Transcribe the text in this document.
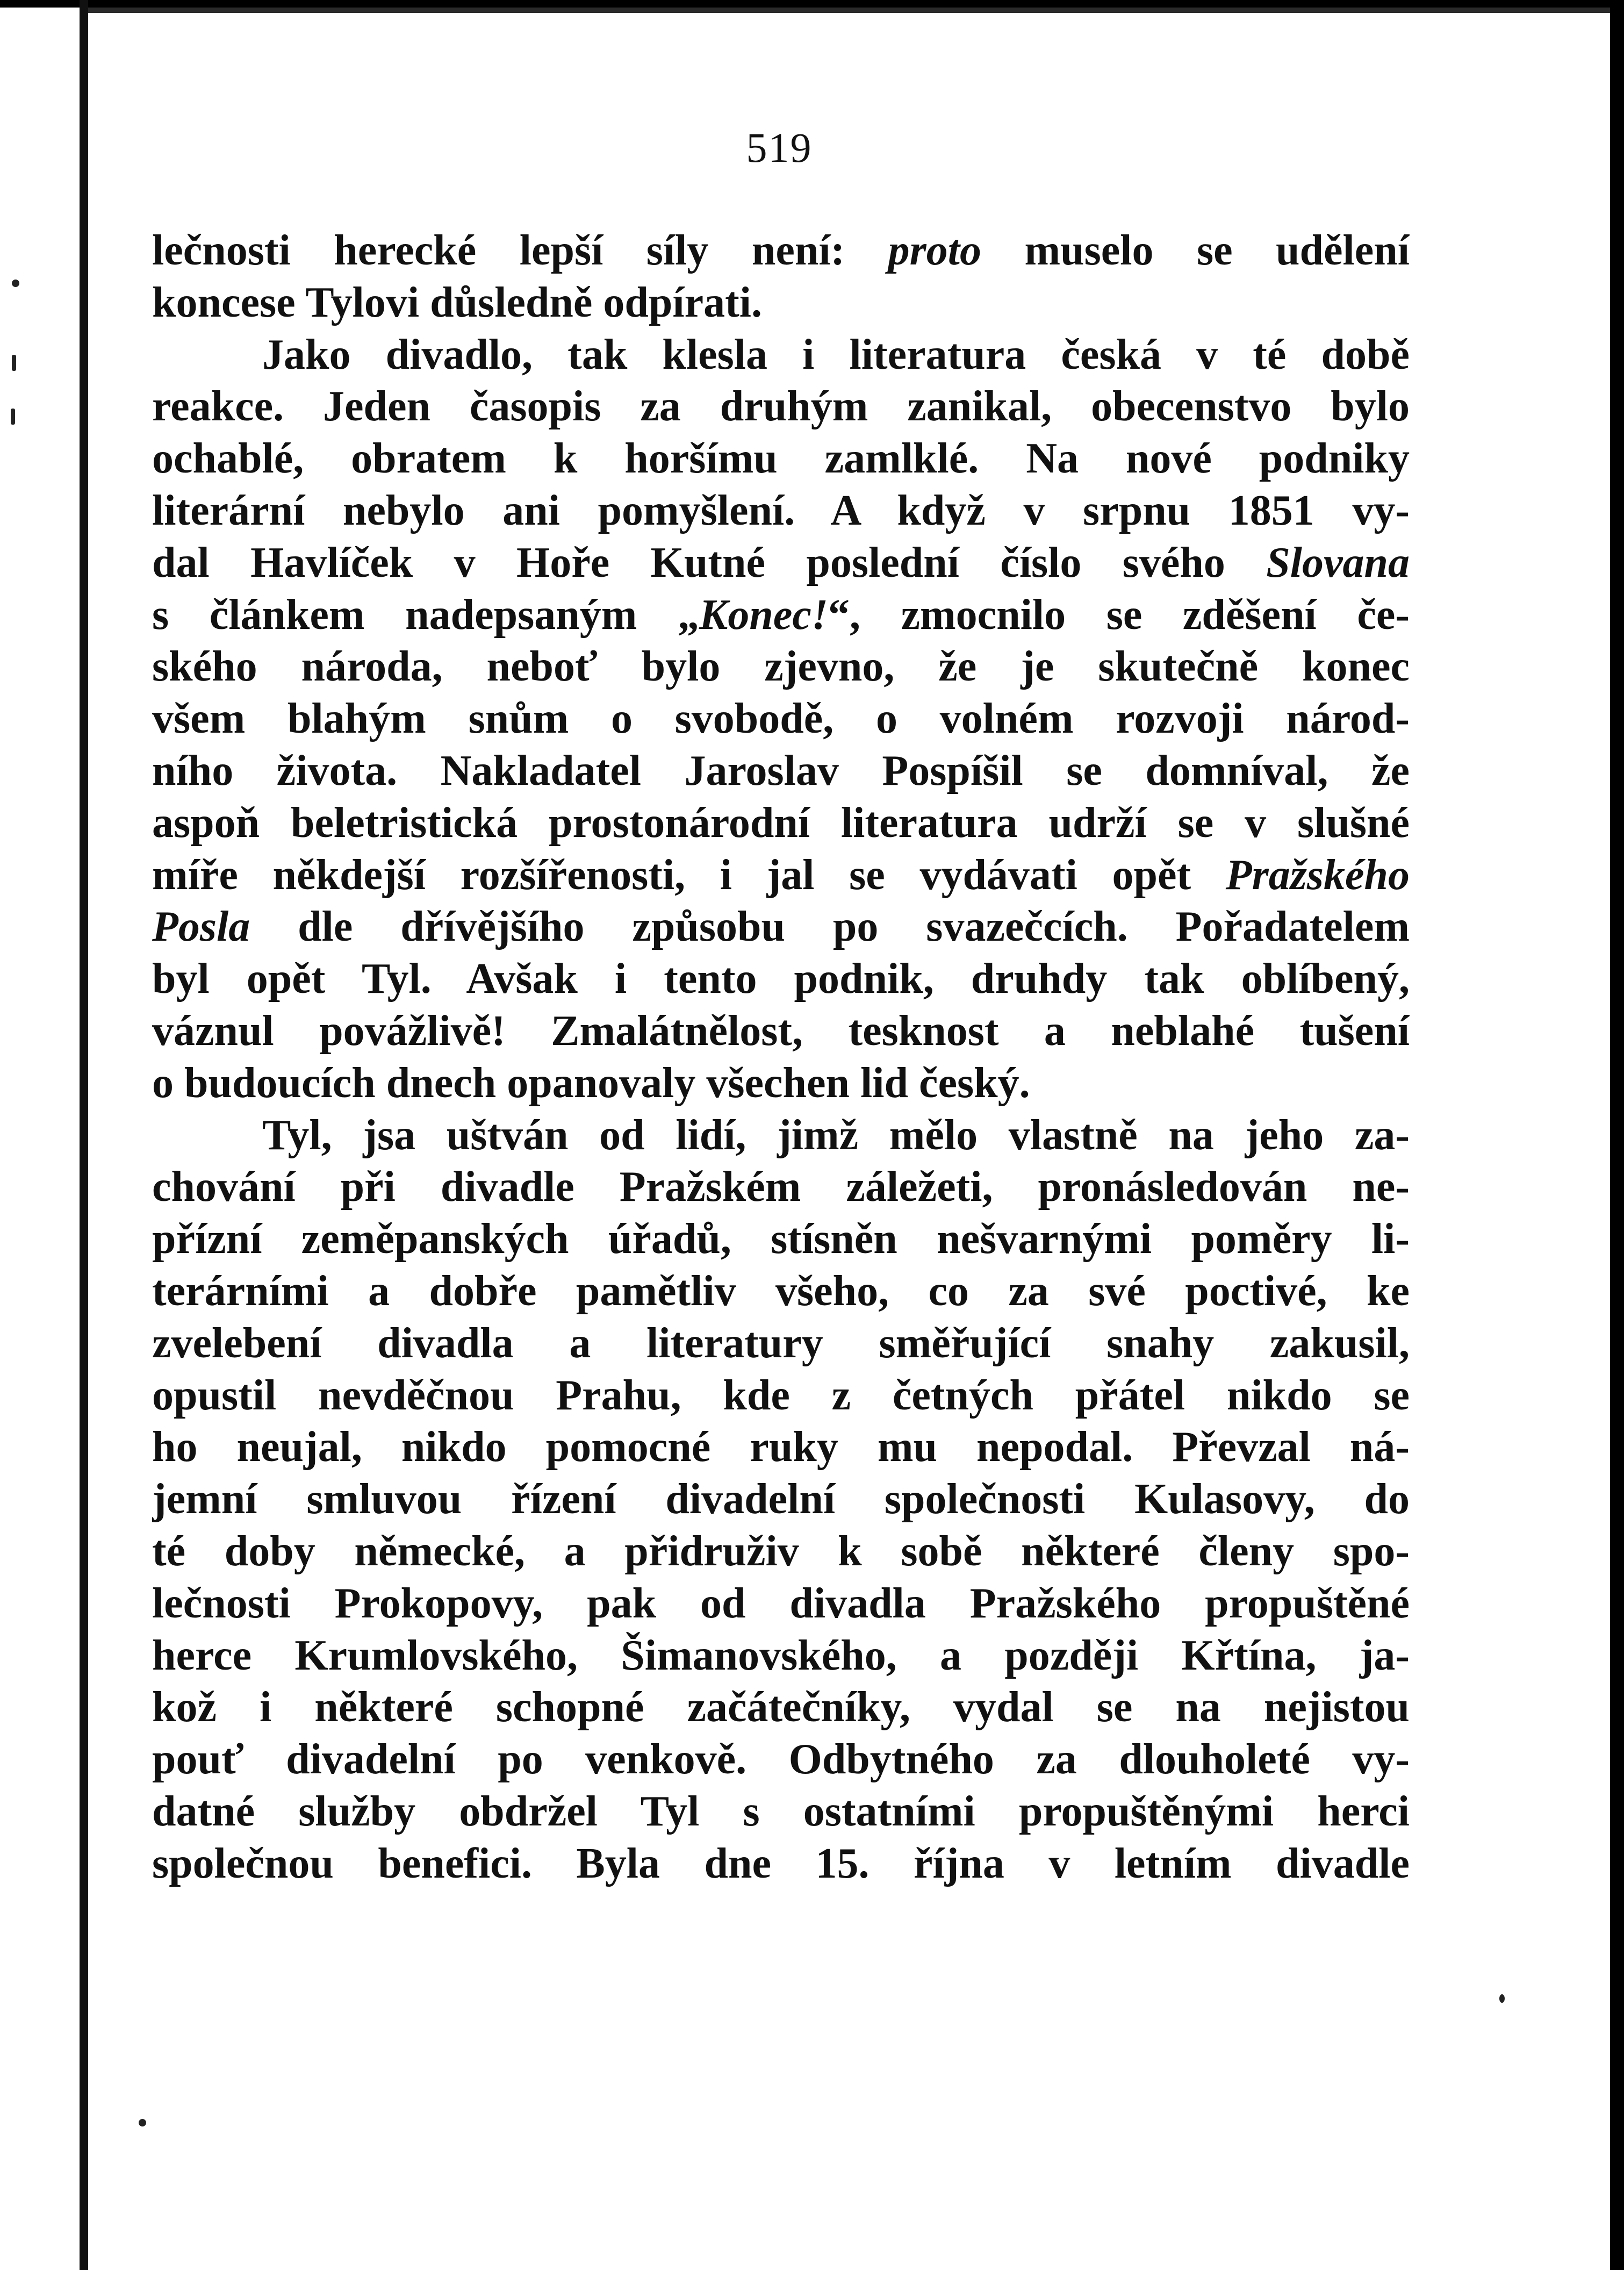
519
lečnosti herecké lepší síly není: proto muselo se udělení
koncese Tylovi důsledně odpírati.
Jako divadlo, tak klesla i literatura česká v té době
reakce. Jeden časopis za druhým zanikal, obecenstvo bylo
ochablé, obratem k horšímu zamlklé. Na nové podniky
literární nebylo ani pomyšlení. A když v srpnu 1851 vy-
dal Havlíček v Hoře Kutné poslední číslo svého Slovana
s článkem nadepsaným „Konec!“, zmocnilo se zděšení če-
ského národa, neboť bylo zjevno, že je skutečně konec
všem blahým snům o svobodě, o volném rozvoji národ-
ního života. Nakladatel Jaroslav Pospíšil se domníval, že
aspoň beletristická prostonárodní literatura udrží se v slušné
míře někdejší rozšířenosti, i jal se vydávati opět Pražského
Posla dle dřívějšího způsobu po svazečcích. Pořadatelem
byl opět Tyl. Avšak i tento podnik, druhdy tak oblíbený,
váznul povážlivě! Zmalátnělost, tesknost a neblahé tušení
o budoucích dnech opanovaly všechen lid český.
Tyl, jsa uštván od lidí, jimž mělo vlastně na jeho za-
chování při divadle Pražském záležeti, pronásledován ne-
přízní zeměpanských úřadů, stísněn nešvarnými poměry li-
terárními a dobře pamětliv všeho, co za své poctivé, ke
zvelebení divadla a literatury směřující snahy zakusil,
opustil nevděčnou Prahu, kde z četných přátel nikdo se
ho neujal, nikdo pomocné ruky mu nepodal. Převzal ná-
jemní smluvou řízení divadelní společnosti Kulasovy, do
té doby německé, a přidruživ k sobě některé členy spo-
lečnosti Prokopovy, pak od divadla Pražského propuštěné
herce Krumlovského, Šimanovského, a později Křtína, ja-
kož i některé schopné začátečníky, vydal se na nejistou
pouť divadelní po venkově. Odbytného za dlouholeté vy-
datné služby obdržel Tyl s ostatními propuštěnými herci
společnou benefici. Byla dne 15. října v letním divadle
